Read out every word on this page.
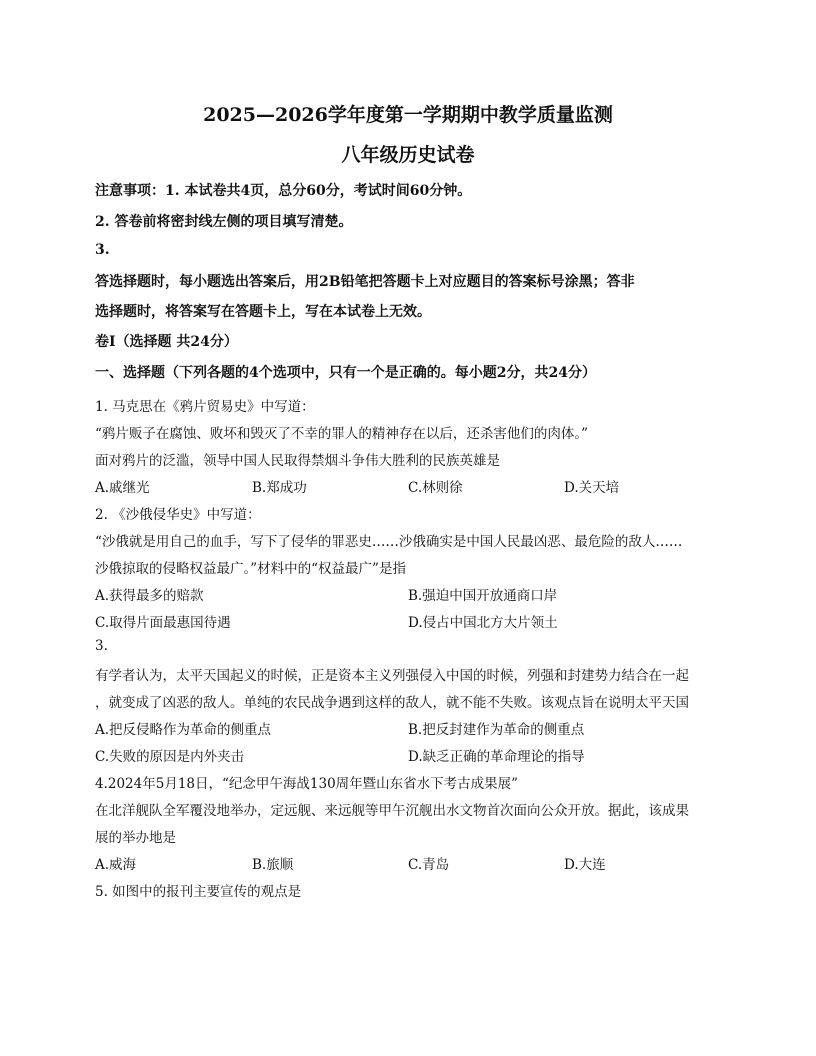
2025—2026学年度第一学期期中教学质量监测
八年级历史试卷
注意事项：1. 本试卷共4页，总分60分，考试时间60分钟。
2. 答卷前将密封线左侧的项目填写清楚。
3.
答选择题时，每小题选出答案后，用2B铅笔把答题卡上对应题目的答案标号涂黑；答非
选择题时，将答案写在答题卡上，写在本试卷上无效。
卷Ⅰ（选择题 共24分）
一、选择题（下列各题的4个选项中，只有一个是正确的。每小题2分，共24分）
1. 马克思在《鸦片贸易史》中写道：
“鸦片贩子在腐蚀、败坏和毁灭了不幸的罪人的精神存在以后，还杀害他们的肉体。”
面对鸦片的泛滥，领导中国人民取得禁烟斗争伟大胜利的民族英雄是
A.戚继光	B.郑成功	C.林则徐	D.关天培
2. 《沙俄侵华史》中写道：
“沙俄就是用自己的血手，写下了侵华的罪恶史……沙俄确实是中国人民最凶恶、最危险的敌人……
沙俄掠取的侵略权益最广。”材料中的“权益最广”是指
A.获得最多的赔款	B.强迫中国开放通商口岸
C.取得片面最惠国待遇	D.侵占中国北方大片领土
3.
有学者认为，太平天国起义的时候，正是资本主义列强侵入中国的时候，列强和封建势力结合在一起
，就变成了凶恶的敌人。单纯的农民战争遇到这样的敌人，就不能不失败。该观点旨在说明太平天国
A.把反侵略作为革命的侧重点	B.把反封建作为革命的侧重点
C.失败的原因是内外夹击	D.缺乏正确的革命理论的指导
4.2024年5月18日，“纪念甲午海战130周年暨山东省水下考古成果展”
在北洋舰队全军覆没地举办，定远舰、来远舰等甲午沉舰出水文物首次面向公众开放。据此，该成果
展的举办地是
A.威海	B.旅顺	C.青岛	D.大连
5. 如图中的报刊主要宣传的观点是
